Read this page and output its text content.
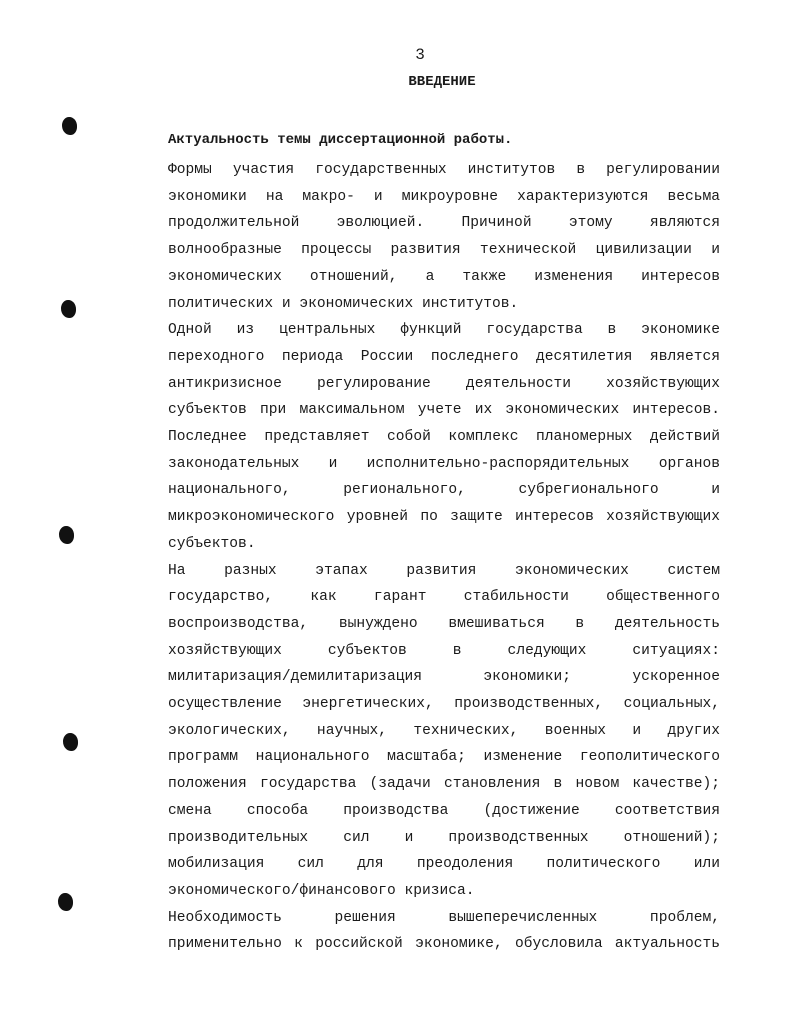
3
ВВЕДЕНИЕ
Актуальность темы диссертационной работы.
Формы участия государственных институтов в регулировании
экономики на макро- и микроуровне характеризуются весьма
продолжительной эволюцией. Причиной этому являются
волнообразные процессы развития технической цивилизации и
экономических отношений, а также изменения интересов
политических и экономических институтов.
Одной из центральных функций государства в экономике
переходного периода России последнего десятилетия является
антикризисное регулирование деятельности хозяйствующих
субъектов при максимальном учете их экономических интересов.
Последнее представляет собой комплекс планомерных действий
законодательных и исполнительно-распорядительных органов
национального, регионального, субрегионального и
микроэкономического уровней по защите интересов хозяйствующих
субъектов.
На разных этапах развития экономических систем
государство, как гарант стабильности общественного
воспроизводства, вынуждено вмешиваться в деятельность
хозяйствующих субъектов в следующих ситуациях:
милитаризация/демилитаризация экономики; ускоренное
осуществление энергетических, производственных, социальных,
экологических, научных, технических, военных и других
программ национального масштаба; изменение геополитического
положения государства (задачи становления в новом качестве);
смена способа производства (достижение соответствия
производительных сил и производственных отношений);
мобилизация сил для преодоления политического или
экономического/финансового кризиса.
Необходимость решения вышеперечисленных проблем,
применительно к российской экономике, обусловила актуальность
